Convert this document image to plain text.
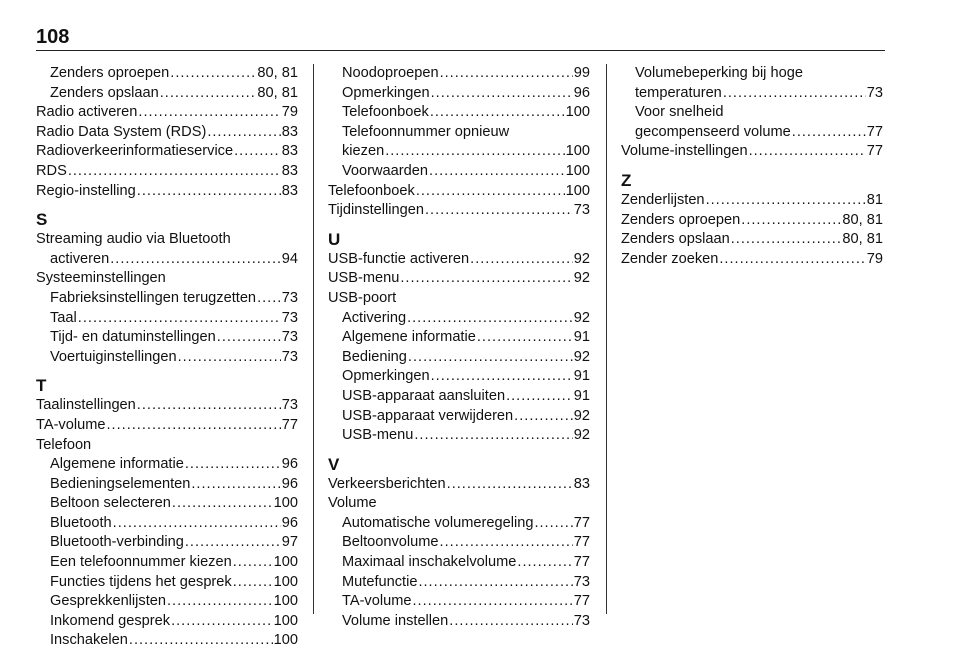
108
Zenders oproepen .....	80, 81
Zenders opslaan .....	80, 81
Radio activeren .....	79
Radio Data System (RDS) .....	83
Radioverkeerinformatieservice .....	83
RDS .....	83
Regio-instelling .....	83
S
Streaming audio via Bluetooth
activeren .....	94
Systeeminstellingen
Fabrieksinstellingen terugzetten ..... 73
Taal .....	73
Tijd- en datuminstellingen .....	73
Voertuiginstellingen .....	73
T
Taalinstellingen .....	73
TA-volume .....	77
Telefoon
Algemene informatie .....	96
Bedieningselementen .....	96
Beltoon selecteren .....	100
Bluetooth .....	96
Bluetooth-verbinding .....	97
Een telefoonnummer kiezen .....	100
Functies tijdens het gesprek .....	100
Gesprekkenlijsten .....	100
Inkomend gesprek .....	100
Inschakelen .....	100
Noodoproepen .....	99
Opmerkingen .....	96
Telefoonboek .....	100
Telefoonnummer opnieuw
kiezen .....	100
Voorwaarden .....	100
Telefoonboek .....	100
Tijdinstellingen .....	73
U
USB-functie activeren .....	92
USB-menu .....	92
USB-poort
Activering .....	92
Algemene informatie .....	91
Bediening .....	92
Opmerkingen .....	91
USB-apparaat aansluiten .....	91
USB-apparaat verwijderen .....	92
USB-menu .....	92
V
Verkeersberichten .....	83
Volume
Automatische volumeregeling .....	77
Beltoonvolume .....	77
Maximaal inschakelvolume .....	77
Mutefunctie .....	73
TA-volume .....	77
Volume instellen .....	73
Volumebeperking bij hoge
temperaturen .....	73
Voor snelheid
gecompenseerd volume .....	77
Volume-instellingen .....	77
Z
Zenderlijsten .....	81
Zenders oproepen .....	80, 81
Zenders opslaan .....	80, 81
Zender zoeken .....	79
